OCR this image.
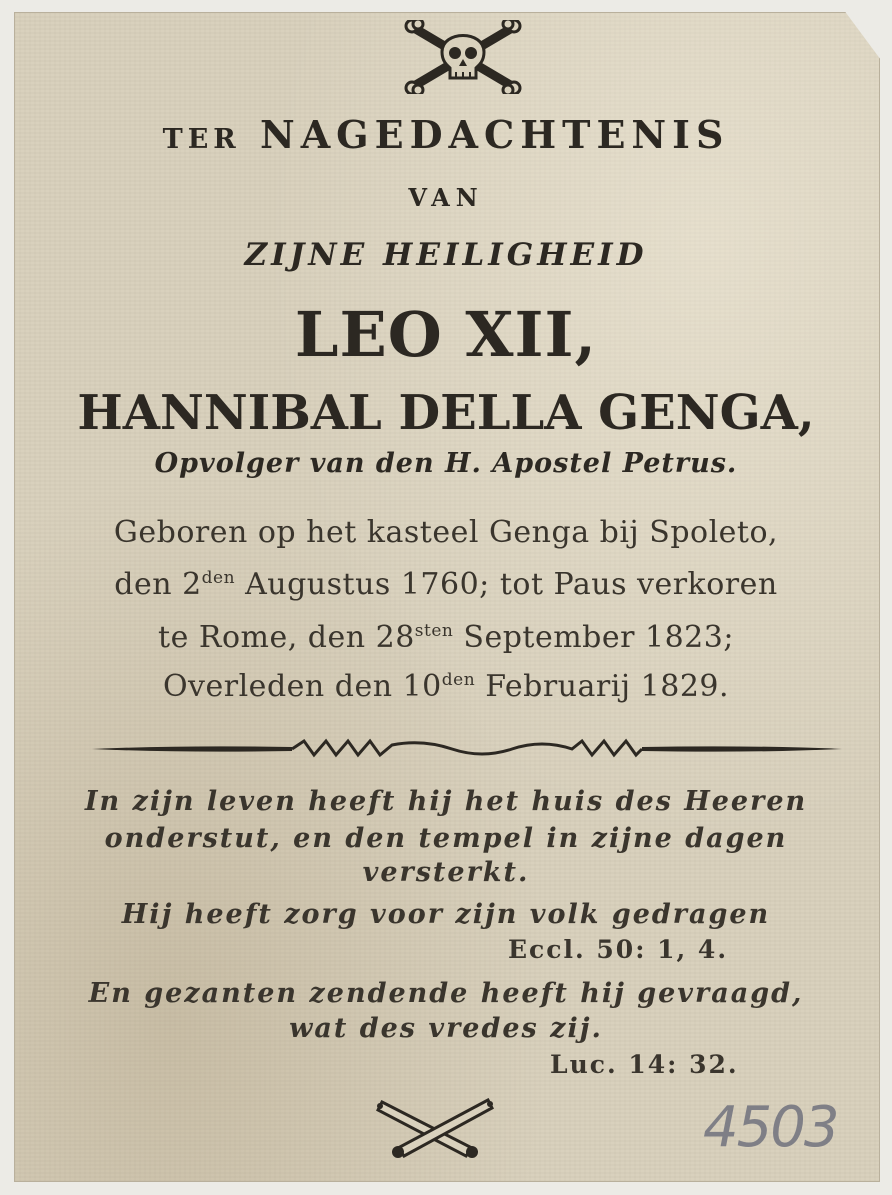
TER NAGEDACHTENIS
VAN
ZIJNE HEILIGHEID
LEO XII,
HANNIBAL DELLA GENGA,
Opvolger van den H. Apostel Petrus.
Geboren op het kasteel Genga bij Spoleto,
den $2^{den}$ Augustus 1760; tot Paus verkoren
te Rome, den $28^{sten}$ September 1823;
Overleden den $10^{den}$ Februarij 1829.
In zijn leven heeft hij het huis des Heeren
onderstut, en den tempel in zijne dagen
versterkt.
Hij heeft zorg voor zijn volk gedragen
Eccl. 50: 1, 4.
En gezanten zendende heeft hij gevraagd,
wat des vredes zij.
Luc. 14: 32.
4503
